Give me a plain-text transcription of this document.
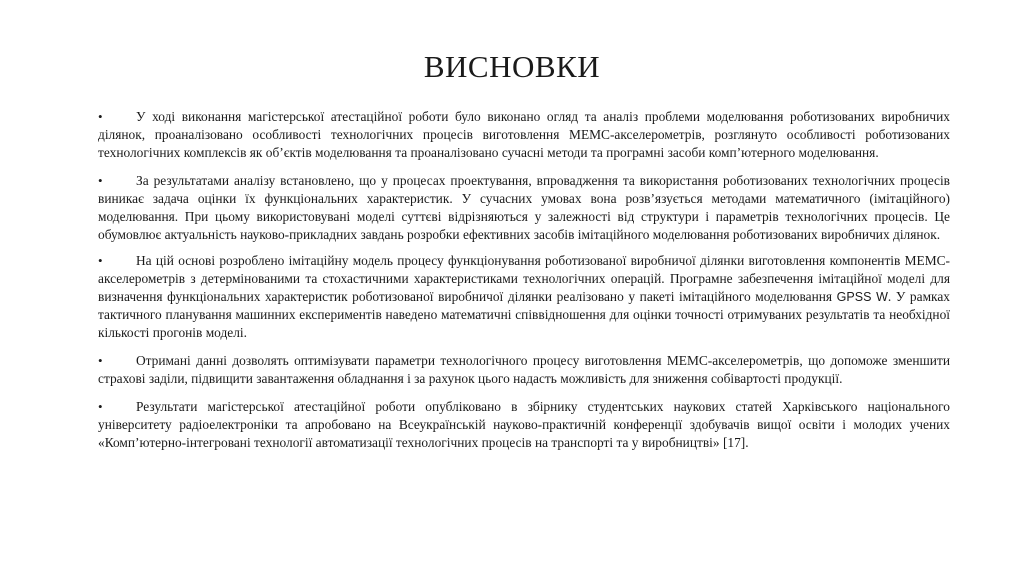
ВИСНОВКИ

• У ході виконання магістерської атестаційної роботи було виконано огляд та аналіз проблеми моделювання роботизованих виробничих ділянок, проаналізовано особливості технологічних процесів виготовлення МЕМС-акселерометрів, розглянуто особливості роботизованих технологічних комплексів як об’єктів моделювання та проаналізовано сучасні методи та програмні засоби комп’ютерного моделювання.

• За результатами аналізу встановлено, що у процесах проектування, впровадження та використання роботизованих технологічних процесів виникає задача оцінки їх функціональних характеристик. У сучасних умовах вона розв’язується методами математичного (імітаційного) моделювання. При цьому використовувані моделі суттєві відрізняються у залежності від структури і параметрів технологічних процесів. Це обумовлює актуальність науково-прикладних завдань розробки ефективних засобів імітаційного моделювання роботизованих виробничих ділянок.

• На цій основі розроблено імітаційну модель процесу функціонування роботизованої виробничої ділянки виготовлення компонентів МЕМС-акселерометрів з детермінованими та стохастичними характеристиками технологічних операцій. Програмне забезпечення імітаційної моделі для визначення функціональних характеристик роботизованої виробничої ділянки реалізовано у пакеті імітаційного моделювання GPSS W. У рамках тактичного планування машинних експериментів наведено математичні співвідношення для оцінки точності отримуваних результатів та необхідної кількості прогонів моделі.

• Отримані данні дозволять оптимізувати параметри технологічного процесу виготовлення МЕМС-акселерометрів, що допоможе зменшити страхові заділи, підвищити завантаження обладнання і за рахунок цього надасть можливість для зниження собівартості продукції.

• Результати магістерської атестаційної роботи опубліковано в збірнику студентських наукових статей Харківського національного університету радіоелектроніки та апробовано на Всеукраїнській науково-практичній конференції здобувачів вищої освіти і молодих учених «Комп’ютерно-інтегровані технології автоматизації технологічних процесів на транспорті та у виробництві» [17].
